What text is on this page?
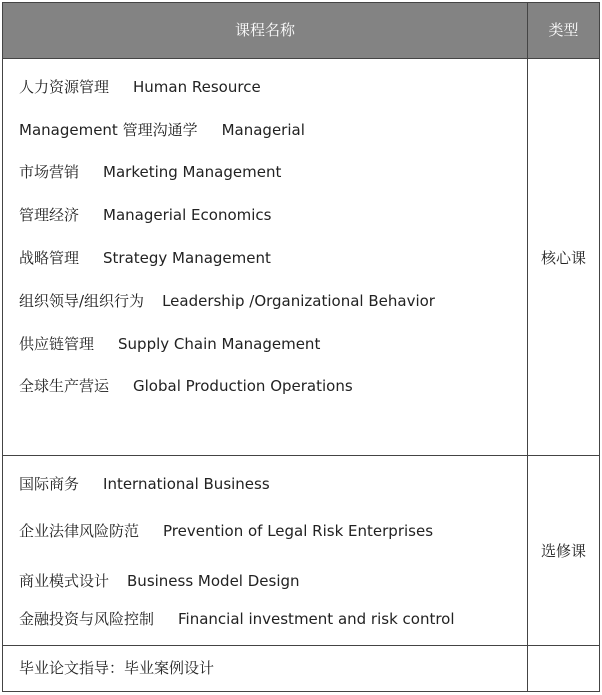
课程名称	类型
人力资源管理 Human Resource
Management 管理沟通学 Managerial
市场营销 Marketing Management
管理经济 Managerial Economics
战略管理 Strategy Management
组织领导/组织行为 Leadership /Organizational Behavior
供应链管理 Supply Chain Management
全球生产营运 Global Production Operations
核心课
国际商务 International Business
企业法律风险防范 Prevention of Legal Risk Enterprises
商业模式设计 Business Model Design
金融投资与风险控制 Financial investment and risk control
选修课
毕业论文指导：毕业案例设计
